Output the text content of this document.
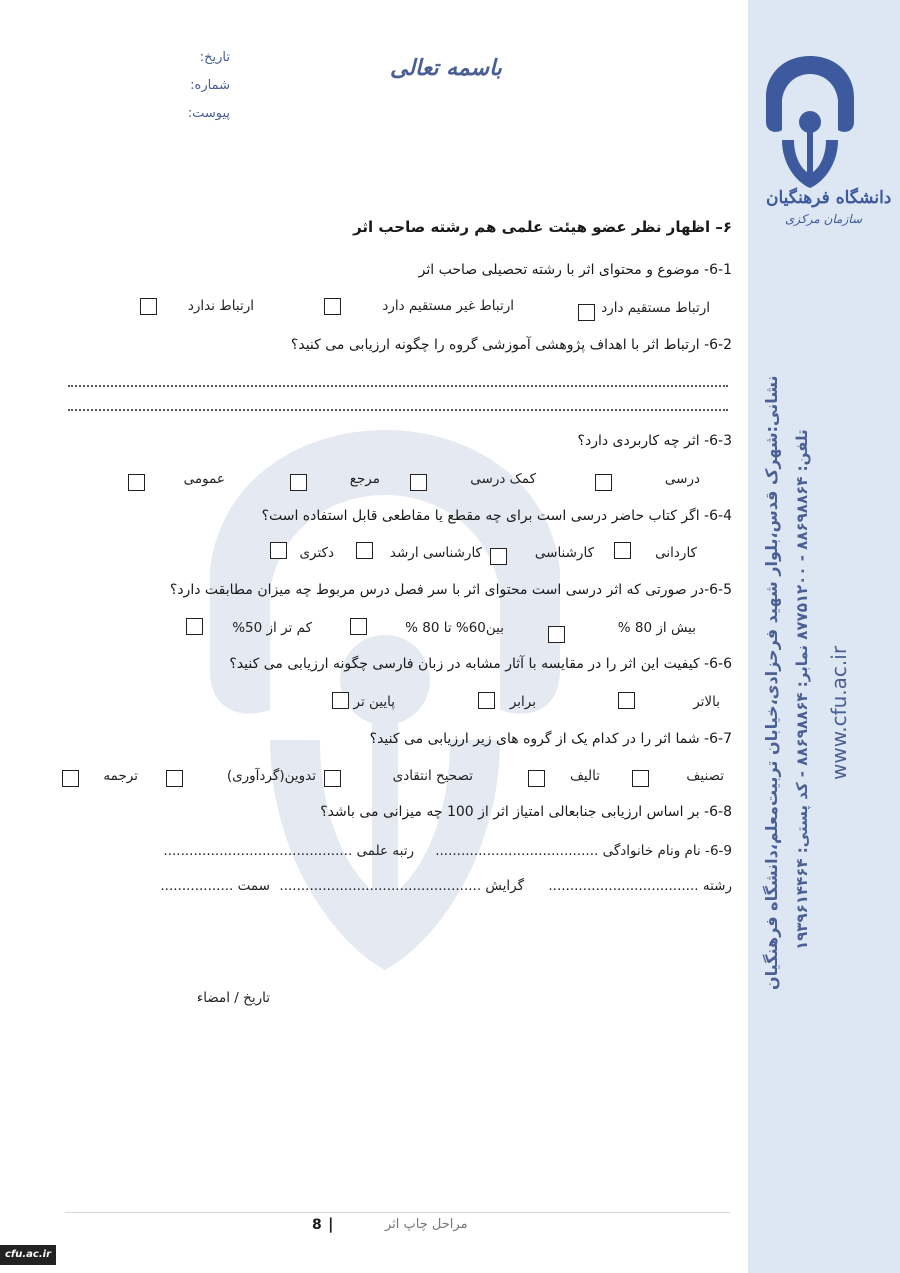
باسمه تعالی
تاریخ:
شماره:
پیوست:
دانشگاه فرهنگیان
سازمان مرکزی
نشانی:شهرک قدس،بلوار شهید فرحزادی،خیابان تربیت‌معلم،دانشگاه فرهنگیان تلفن: ۸۸۶۹۸۸۶۴ - ۸۷۷۵۱۲۰۰ نمابر: ۸۸۶۹۸۸۶۴ - کد پستی: ۱۹۳۹۶۱۴۴۶۴
www.cfu.ac.ir
۶– اظهار نظر عضو هیئت علمی هم رشته صاحب اثر
6-1- موضوع و محتوای اثر با رشته تحصیلی صاحب اثر
ارتباط مستقیم دارد
ارتباط غیر مستقیم دارد
ارتباط ندارد
6-2- ارتباط اثر با اهداف پژوهشی آموزشی گروه را چگونه ارزیابی می کنید؟
6-3- اثر چه کاربردی دارد؟
درسی
کمک درسی
مرجع
عمومی
6-4- اگر کتاب حاضر درسی است برای چه مقطع یا مقاطعی قابل استفاده است؟
کاردانی
کارشناسی
کارشناسی ارشد
دکتری
6-5-در صورتی که اثر درسی است محتوای اثر با سر فصل درس مربوط چه میزان مطابقت دارد؟
بیش از 80 %
بین60% تا 80 %
کم تر از 50%
6-6- کیفیت این اثر را در مقایسه با آثار مشابه در زبان فارسی چگونه ارزیابی می کنید؟
بالاتر
برابر
پایین تر
6-7- شما اثر را در کدام یک از گروه های زیر ارزیابی می کنید؟
تصنیف
تالیف
تصحیح انتقادی
تدوین(گردآوری)
ترجمه
6-8- بر اساس ارزیابی جنابعالی امتیاز اثر از 100 چه میزانی می باشد؟
6-9- نام ونام خانوادگی ......................................
رتبه علمی ............................................
رشته ...................................
گرایش ...............................................
سمت .................
تاریخ / امضاء
8 |	مراحل چاپ اثر
cfu.ac.ir
